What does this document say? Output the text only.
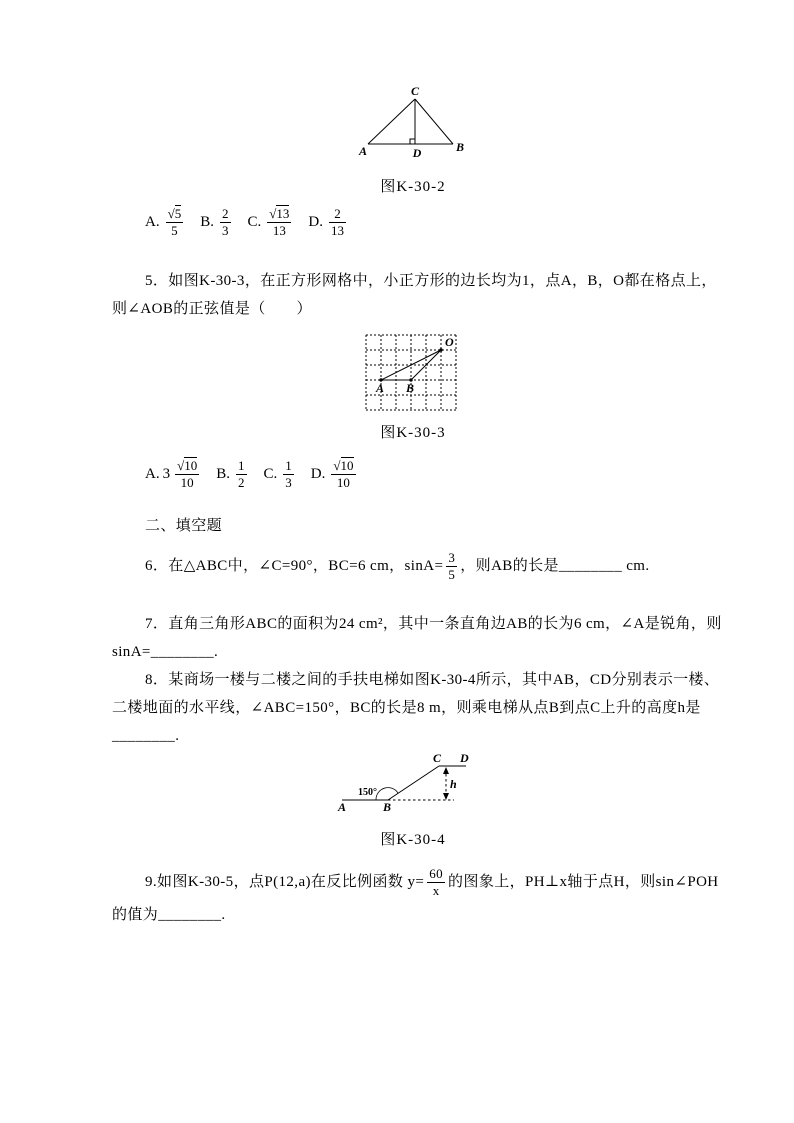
C
A	B
D
图K-30-2
A. $\frac{√5}{5} B$. $\frac{2}{3} C$. $\frac{√13}{13} D$. $\frac{2}{13}$
5．如图K-30-3，在正方形网格中，小正方形的边长均为1，点A，B，O都在格点上，
则∠AOB的正弦值是（　　）
A B
O
图K-30-3
A. $3 \frac{√10}{10} B$. $\frac{1}{2} C$. $\frac{1}{3} D$. $\frac{√10}{10}$
二、填空题
6．在△ABC中，∠C=90°，BC=6 cm，$\sin A= \frac{3}{5}$ ，则AB的长是________ cm.
7．直角三角形ABC的面积为24 cm²，其中一条直角边AB的长为6 cm，∠A是锐角，则
sinA=________.
8．某商场一楼与二楼之间的手扶电梯如图K-30-4所示，其中AB，CD分别表示一楼、
二楼地面的水平线，∠ABC=150°，BC的长是8 m，则乘电梯从点B到点C上升的高度h是
________.
150°
A	B
C D
h
图K-30-4
9.如图K-30-5，点P(12,a)在反比例函数 $y= \frac{60}{x}$ 的图象上，PH⊥x轴于点H，则sin∠POH
的值为________.
